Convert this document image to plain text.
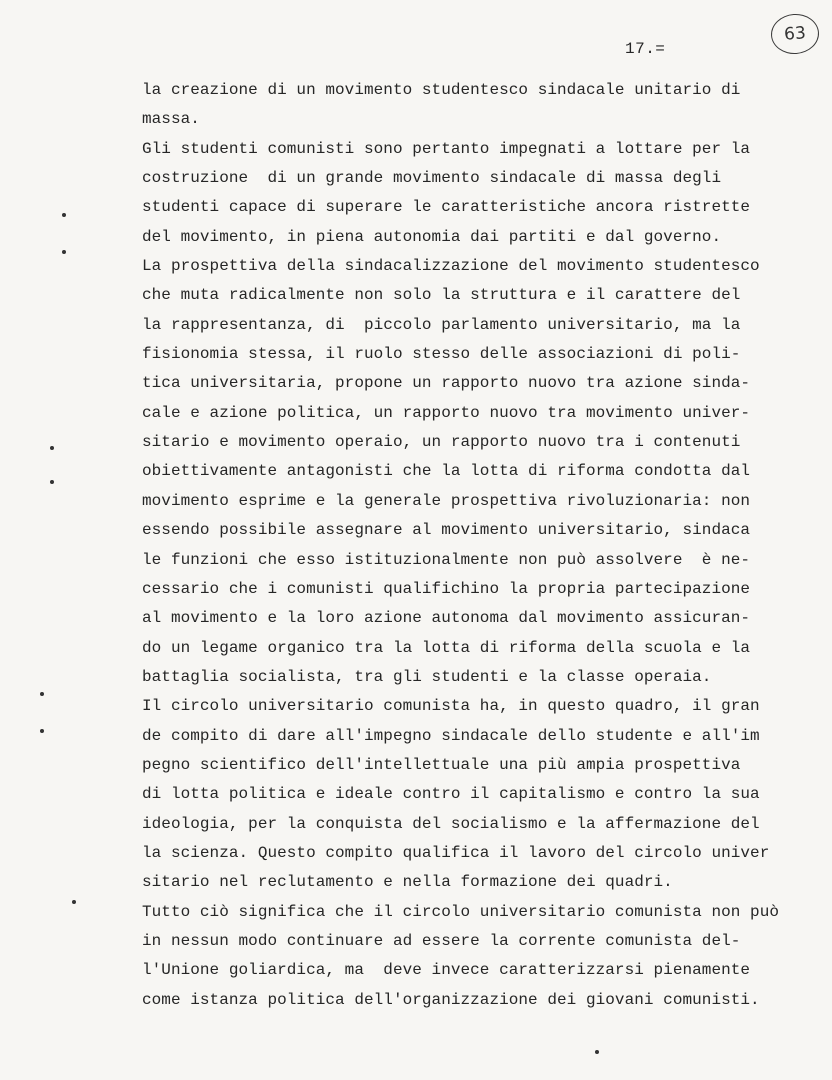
17.=
63
la creazione di un movimento studentesco sindacale unitario di
massa.
Gli studenti comunisti sono pertanto impegnati a lottare per la
costruzione  di un grande movimento sindacale di massa degli
studenti capace di superare le caratteristiche ancora ristrette
del movimento, in piena autonomia dai partiti e dal governo.
La prospettiva della sindacalizzazione del movimento studentesco
che muta radicalmente non solo la struttura e il carattere del
la rappresentanza, di  piccolo parlamento universitario, ma la
fisionomia stessa, il ruolo stesso delle associazioni di poli-
tica universitaria, propone un rapporto nuovo tra azione sinda-
cale e azione politica, un rapporto nuovo tra movimento univer-
sitario e movimento operaio, un rapporto nuovo tra i contenuti
obiettivamente antagonisti che la lotta di riforma condotta dal
movimento esprime e la generale prospettiva rivoluzionaria: non
essendo possibile assegnare al movimento universitario, sindaca
le funzioni che esso istituzionalmente non può assolvere  è ne-
cessario che i comunisti qualifichino la propria partecipazione
al movimento e la loro azione autonoma dal movimento assicuran-
do un legame organico tra la lotta di riforma della scuola e la
battaglia socialista, tra gli studenti e la classe operaia.
Il circolo universitario comunista ha, in questo quadro, il gran
de compito di dare all'impegno sindacale dello studente e all'im
pegno scientifico dell'intellettuale una più ampia prospettiva
di lotta politica e ideale contro il capitalismo e contro la sua
ideologia, per la conquista del socialismo e la affermazione del
la scienza. Questo compito qualifica il lavoro del circolo univer
sitario nel reclutamento e nella formazione dei quadri.
Tutto ciò significa che il circolo universitario comunista non può
in nessun modo continuare ad essere la corrente comunista del-
l'Unione goliardica, ma  deve invece caratterizzarsi pienamente
come istanza politica dell'organizzazione dei giovani comunisti.
